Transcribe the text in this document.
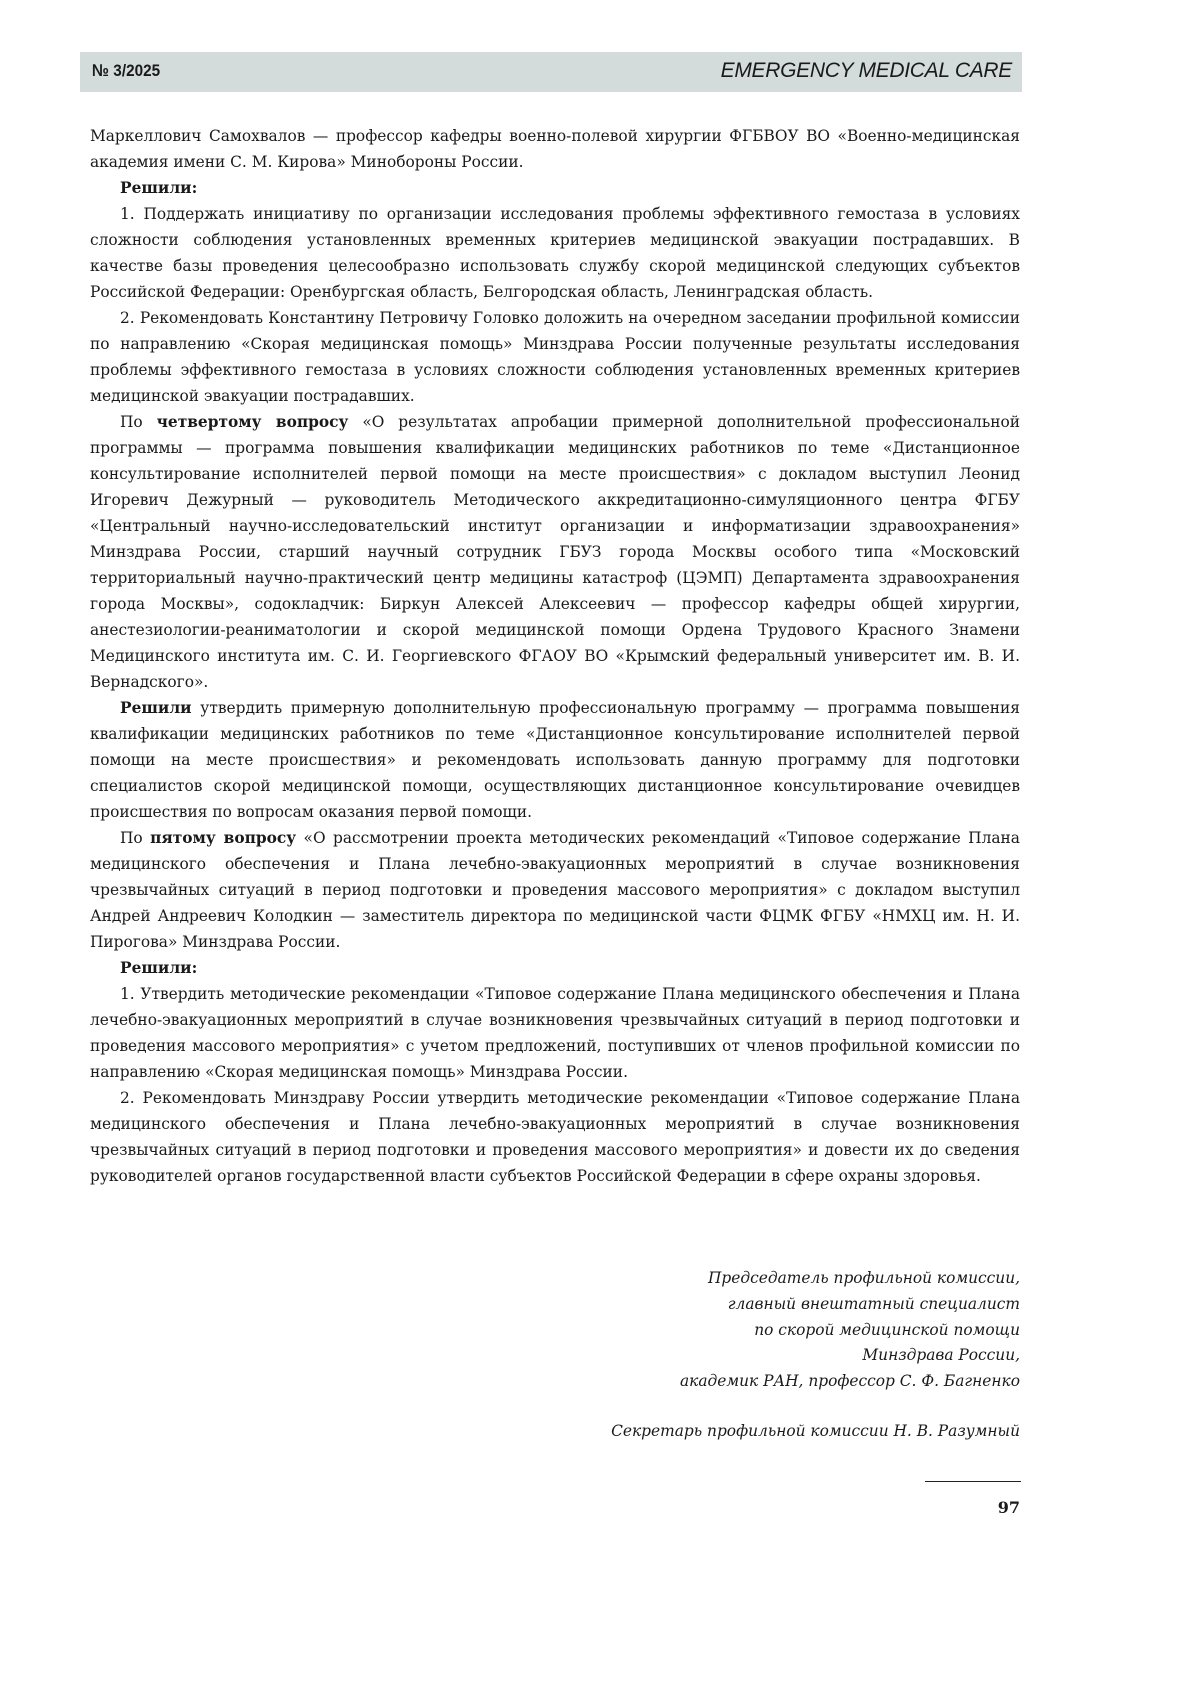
№ 3/2025	EMERGENCY MEDICAL CARE

Маркеллович Самохвалов — профессор кафедры военно-полевой хирургии ФГБВОУ ВО «Военно-медицинская академия имени С. М. Кирова» Минобороны России.

Решили:

1. Поддержать инициативу по организации исследования проблемы эффективного гемостаза в условиях сложности соблюдения установленных временных критериев медицинской эвакуации пострадавших. В качестве базы проведения целесообразно использовать службу скорой медицинской следующих субъектов Российской Федерации: Оренбургская область, Белгородская область, Ленинградская область.

2. Рекомендовать Константину Петровичу Головко доложить на очередном заседании профильной комиссии по направлению «Скорая медицинская помощь» Минздрава России полученные результаты исследования проблемы эффективного гемостаза в условиях сложности соблюдения установленных временных критериев медицинской эвакуации пострадавших.

По четвертому вопросу «О результатах апробации примерной дополнительной профессиональной программы — программа повышения квалификации медицинских работников по теме «Дистанционное консультирование исполнителей первой помощи на месте происшествия» с докладом выступил Леонид Игоревич Дежурный — руководитель Методического аккредитационно-симуляционного центра ФГБУ «Центральный научно-исследовательский институт организации и информатизации здравоохранения» Минздрава России, старший научный сотрудник ГБУЗ города Москвы особого типа «Московский территориальный научно-практический центр медицины катастроф (ЦЭМП) Департамента здравоохранения города Москвы», содокладчик: Биркун Алексей Алексеевич — профессор кафедры общей хирургии, анестезиологии-реаниматологии и скорой медицинской помощи Ордена Трудового Красного Знамени Медицинского института им. С. И. Георгиевского ФГАОУ ВО «Крымский федеральный университет им. В. И. Вернадского».

Решили утвердить примерную дополнительную профессиональную программу — программа повышения квалификации медицинских работников по теме «Дистанционное консультирование исполнителей первой помощи на месте происшествия» и рекомендовать использовать данную программу для подготовки специалистов скорой медицинской помощи, осуществляющих дистанционное консультирование очевидцев происшествия по вопросам оказания первой помощи.

По пятому вопросу «О рассмотрении проекта методических рекомендаций «Типовое содержание Плана медицинского обеспечения и Плана лечебно-эвакуационных мероприятий в случае возникновения чрезвычайных ситуаций в период подготовки и проведения массового мероприятия» с докладом выступил Андрей Андреевич Колодкин — заместитель директора по медицинской части ФЦМК ФГБУ «НМХЦ им. Н. И. Пирогова» Минздрава России.

Решили:

1. Утвердить методические рекомендации «Типовое содержание Плана медицинского обеспечения и Плана лечебно-эвакуационных мероприятий в случае возникновения чрезвычайных ситуаций в период подготовки и проведения массового мероприятия» с учетом предложений, поступивших от членов профильной комиссии по направлению «Скорая медицинская помощь» Минздрава России.

2. Рекомендовать Минздраву России утвердить методические рекомендации «Типовое содержание Плана медицинского обеспечения и Плана лечебно-эвакуационных мероприятий в случае возникновения чрезвычайных ситуаций в период подготовки и проведения массового мероприятия» и довести их до сведения руководителей органов государственной власти субъектов Российской Федерации в сфере охраны здоровья.

Председатель профильной комиссии,
главный внештатный специалист
по скорой медицинской помощи
Минздрава России,
академик РАН, профессор С. Ф. Багненко
Секретарь профильной комиссии Н. В. Разумный
97
